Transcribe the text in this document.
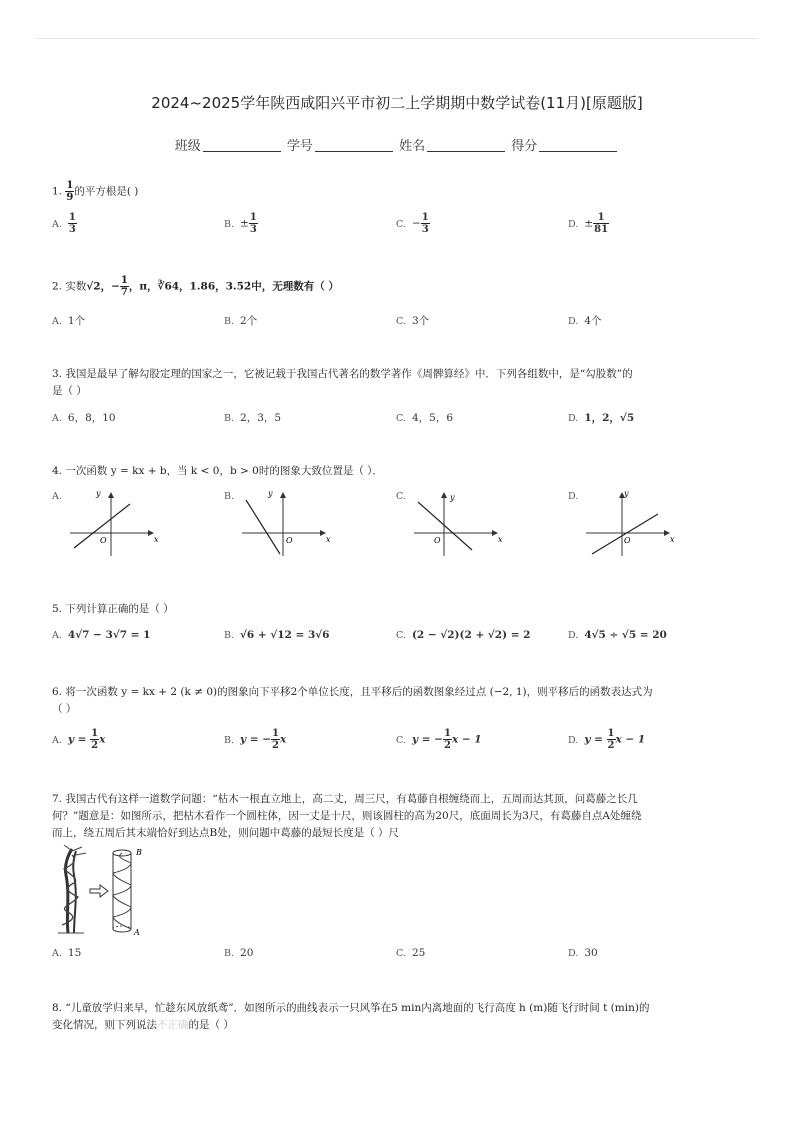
2024~2025学年陕西咸阳兴平市初二上学期期中数学试卷(11月)[原题版]
班级	学号	姓名	得分
1. $\frac{1}{9}$ 的平方根是( )
A. $\frac{1}{3}$	B. ± $\frac{1}{3}$	C. − $\frac{1}{3}$	D. ± $\frac{1}{81}$
2. 实数√2，− $\frac{1}{7}$ ，π，∛64，1.86，3.5̇2̇中，无理数有（ ）
A. 1个	B. 2个	C. 3个	D. 4个
3. 我国是最早了解勾股定理的国家之一，它被记载于我国古代著名的数学著作《周髀算经》中．下列各组数中，是“勾股数”的
是（ ）
A. 6，8，10	B. 2，3，5	C. 4，5，6	D. 1，2，√5
4. 一次函数 y = kx + b，当 k < 0，b > 0时的图象大致位置是（ ）．
A.	y
x
O
B.	y
x
O
C.	y
x
O
D.	y
x
O
5. 下列计算正确的是（ ）
A. 4√7 − 3√7 = 1	B. √6 + √12 = 3√6	C. (2 − √2)(2 + √2) = 2	D. 4√5 ÷ √5 = 20
6. 将一次函数 y = kx + 2 (k ≠ 0)的图象向下平移2个单位长度，且平移后的函数图象经过点 (−2, 1)，则平移后的函数表达式为
（ ）
A. $y = \frac{1}{2}$ x	B. y = − $\frac{1}{2}$ x	C. y = − $\frac{1}{2}$ x − 1	D. $y = \frac{1}{2}$ x − 1
7. 我国古代有这样一道数学问题：“枯木一根直立地上，高二丈，周三尺，有葛藤自根缠绕而上，五周而达其顶，问葛藤之长几
何？”题意是：如图所示，把枯木看作一个圆柱体，因一丈是十尺，则该圆柱的高为20尺，底面周长为3尺，有葛藤自点A处缠绕
而上，绕五周后其末端恰好到达点B处，则问题中葛藤的最短长度是（ ）尺
B
A
A. 15	B. 20	C. 25	D. 30
8. “儿童放学归来早，忙趁东风放纸鸢”．如图所示的曲线表示一只风筝在5 min内离地面的飞行高度 h (m)随飞行时间 t (min)的
变化情况，则下列说法不正确的是（ ）
